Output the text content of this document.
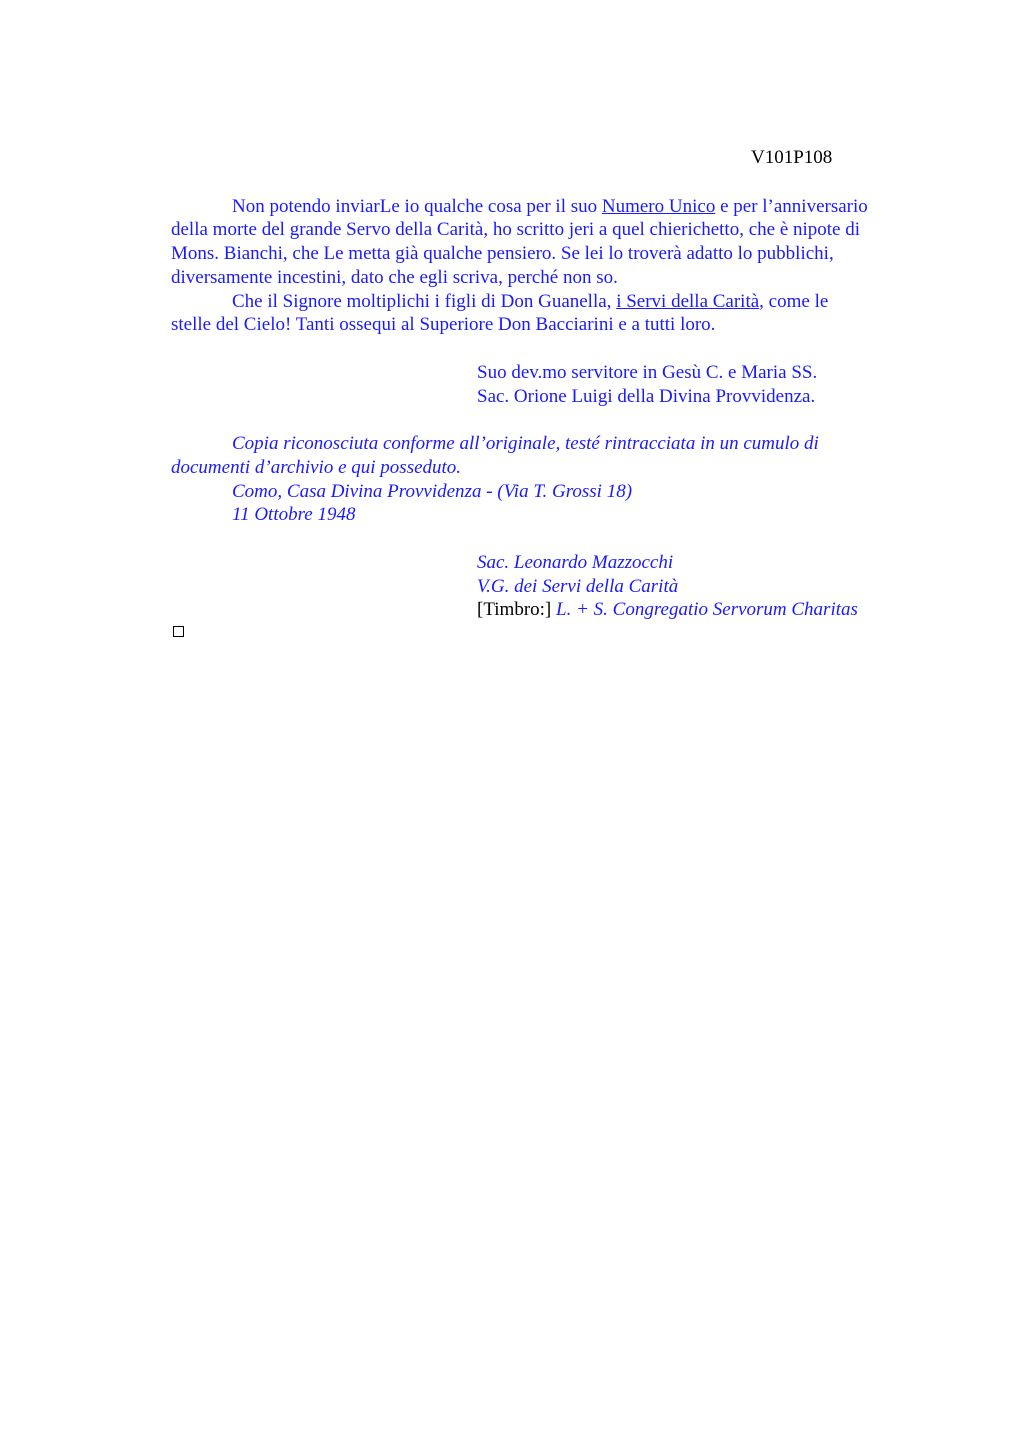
V101P108
Non potendo inviarLe io qualche cosa per il suo Numero Unico e per l’anniversario
della morte del grande Servo della Carità, ho scritto jeri a quel chierichetto, che è nipote di
Mons. Bianchi, che Le metta già qualche pensiero. Se lei lo troverà adatto lo pubblichi,
diversamente incestini, dato che egli scriva, perché non so.
Che il Signore moltiplichi i figli di Don Guanella, i Servi della Carità, come le
stelle del Cielo! Tanti ossequi al Superiore Don Bacciarini e a tutti loro.
Suo dev.mo servitore in Gesù C. e Maria SS.
Sac. Orione Luigi della Divina Provvidenza.
Copia riconosciuta conforme all’originale, testé rintracciata in un cumulo di
documenti d’archivio e qui posseduto.
Como, Casa Divina Provvidenza - (Via T. Grossi 18)
11 Ottobre 1948
Sac. Leonardo Mazzocchi
V.G. dei Servi della Carità
[Timbro:] L. + S. Congregatio Servorum Charitas
